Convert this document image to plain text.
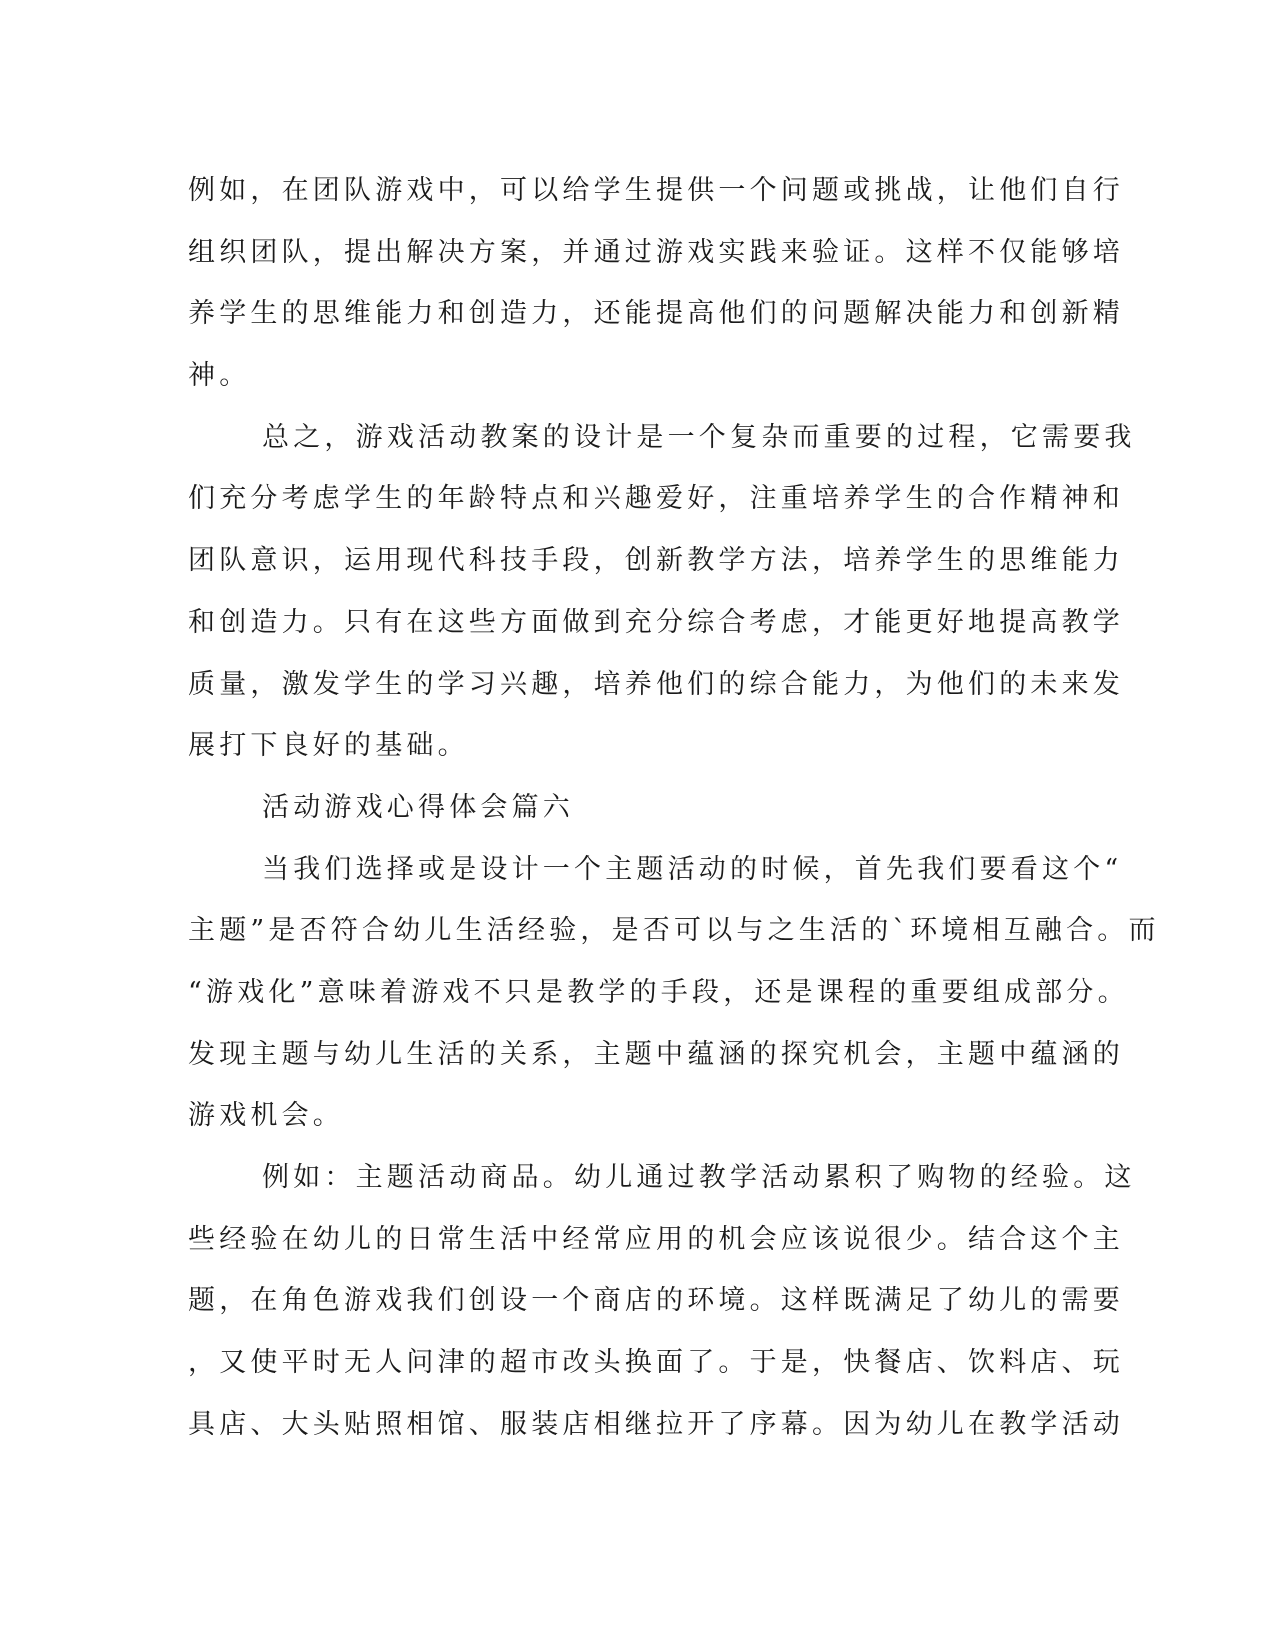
例如，在团队游戏中，可以给学生提供一个问题或挑战，让他们自行
组织团队，提出解决方案，并通过游戏实践来验证。这样不仅能够培
养学生的思维能力和创造力，还能提高他们的问题解决能力和创新精
神。
总之，游戏活动教案的设计是一个复杂而重要的过程，它需要我
们充分考虑学生的年龄特点和兴趣爱好，注重培养学生的合作精神和
团队意识，运用现代科技手段，创新教学方法，培养学生的思维能力
和创造力。只有在这些方面做到充分综合考虑，才能更好地提高教学
质量，激发学生的学习兴趣，培养他们的综合能力，为他们的未来发
展打下良好的基础。
活动游戏心得体会篇六
当我们选择或是设计一个主题活动的时候，首先我们要看这个“
主题”是否符合幼儿生活经验，是否可以与之生活的`环境相互融合。而
“游戏化”意味着游戏不只是教学的手段，还是课程的重要组成部分。
发现主题与幼儿生活的关系，主题中蕴涵的探究机会，主题中蕴涵的
游戏机会。
例如：主题活动商品。幼儿通过教学活动累积了购物的经验。这
些经验在幼儿的日常生活中经常应用的机会应该说很少。结合这个主
题，在角色游戏我们创设一个商店的环境。这样既满足了幼儿的需要
，又使平时无人问津的超市改头换面了。于是，快餐店、饮料店、玩
具店、大头贴照相馆、服装店相继拉开了序幕。因为幼儿在教学活动
